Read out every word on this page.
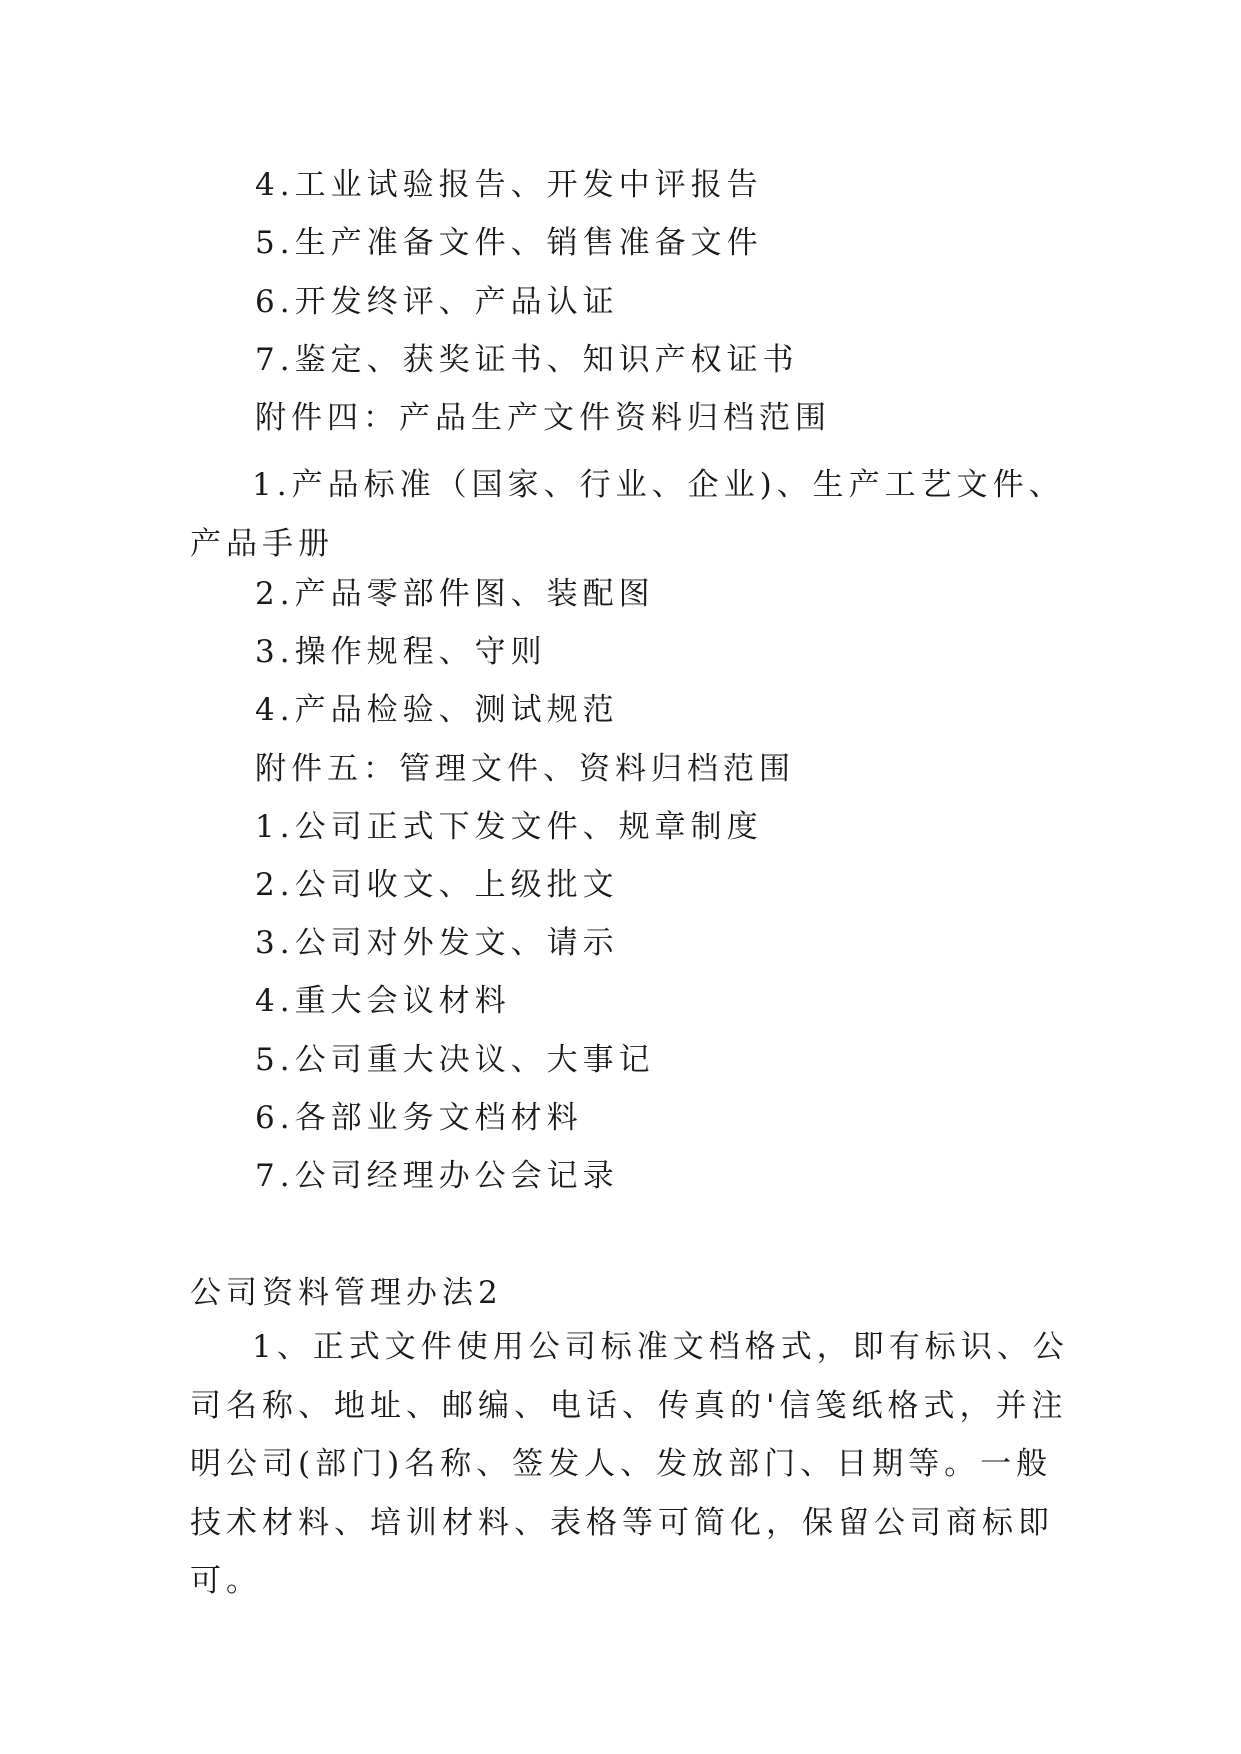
4.工业试验报告、开发中评报告
5.生产准备文件、销售准备文件
6.开发终评、产品认证
7.鉴定、获奖证书、知识产权证书
附件四：产品生产文件资料归档范围
1.产品标准（国家、行业、企业)、生产工艺文件、产品手册
2.产品零部件图、装配图
3.操作规程、守则
4.产品检验、测试规范
附件五：管理文件、资料归档范围
1.公司正式下发文件、规章制度
2.公司收文、上级批文
3.公司对外发文、请示
4.重大会议材料
5.公司重大决议、大事记
6.各部业务文档材料
7.公司经理办公会记录
公司资料管理办法2
1、正式文件使用公司标准文档格式，即有标识、公司名称、地址、邮编、电话、传真的'信笺纸格式，并注明公司(部门)名称、签发人、发放部门、日期等。一般技术材料、培训材料、表格等可简化，保留公司商标即可。
